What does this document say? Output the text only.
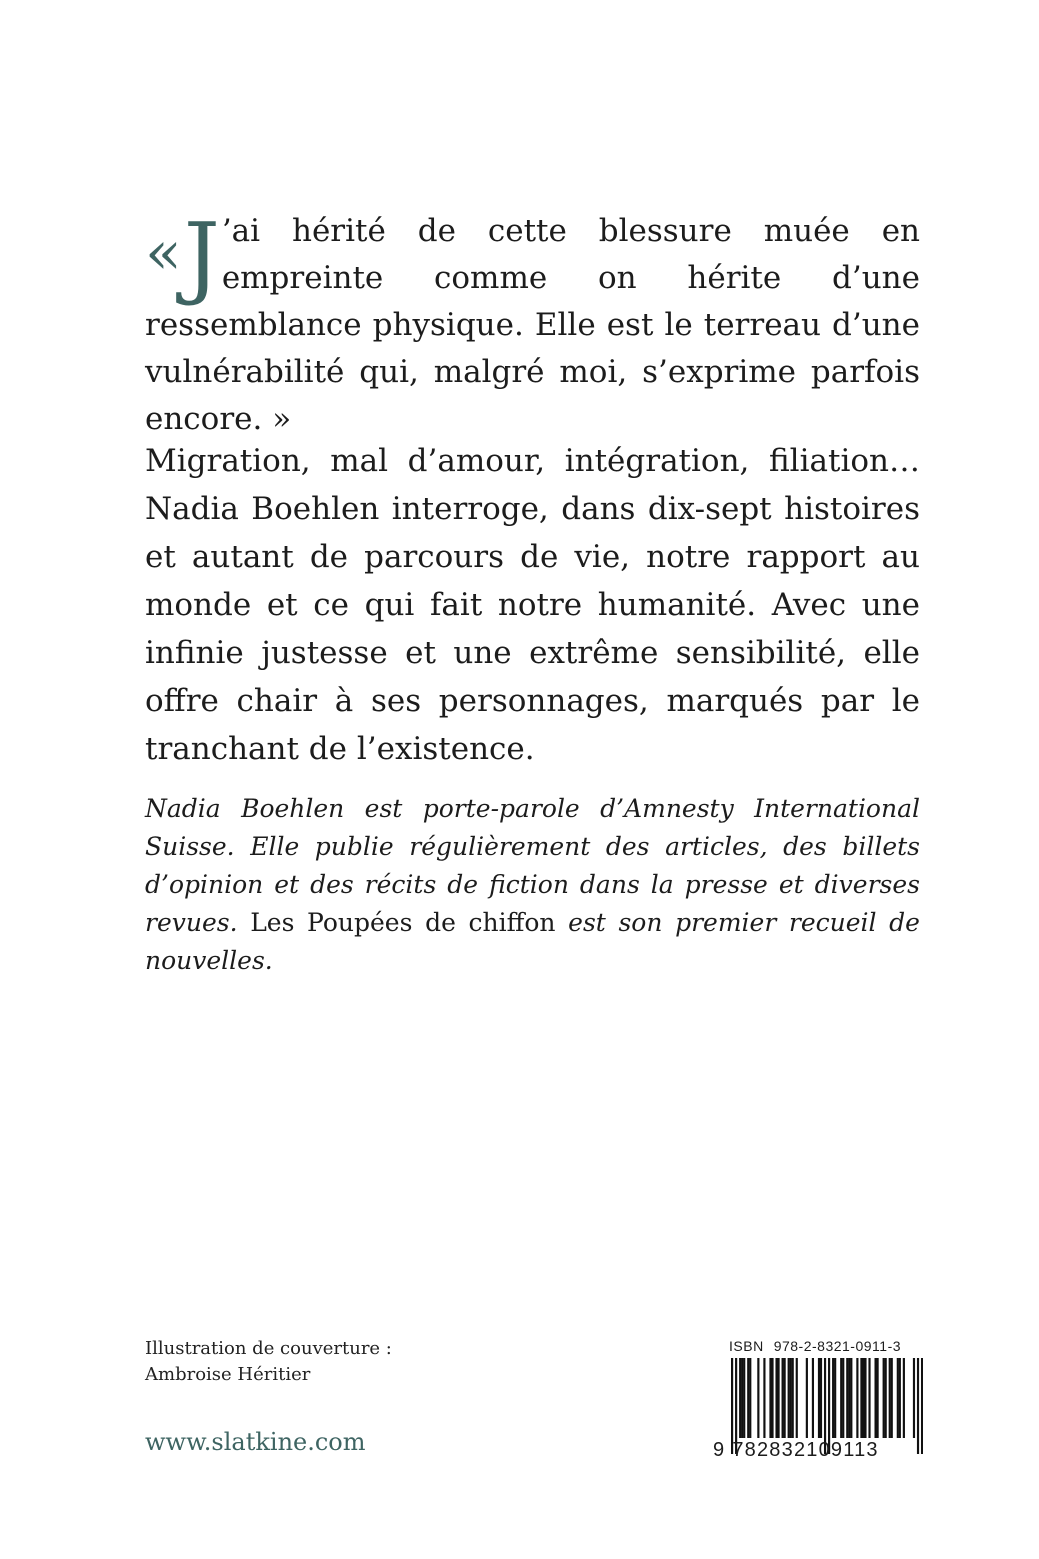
« J ’ai hérité de cette blessure muée en empreinte comme on hérite d’une ressemblance physique. Elle est le terreau d’une vulnérabilité qui, malgré moi, s’exprime parfois encore. »

Migration, mal d’amour, intégration, filiation… Nadia Boehlen interroge, dans dix-sept histoires et autant de parcours de vie, notre rapport au monde et ce qui fait notre humanité. Avec une infinie justesse et une extrême sensibilité, elle offre chair à ses personnages, marqués par le tranchant de l’existence.

Nadia Boehlen est porte-parole d’Amnesty International Suisse. Elle publie régulièrement des articles, des billets d’opinion et des récits de fiction dans la presse et diverses revues. Les Poupées de chiffon est son premier recueil de nouvelles.

Illustration de couverture :
Ambroise Héritier
www.slatkine.com
ISBN 978-2-8321-0911-3
9 782832109113
